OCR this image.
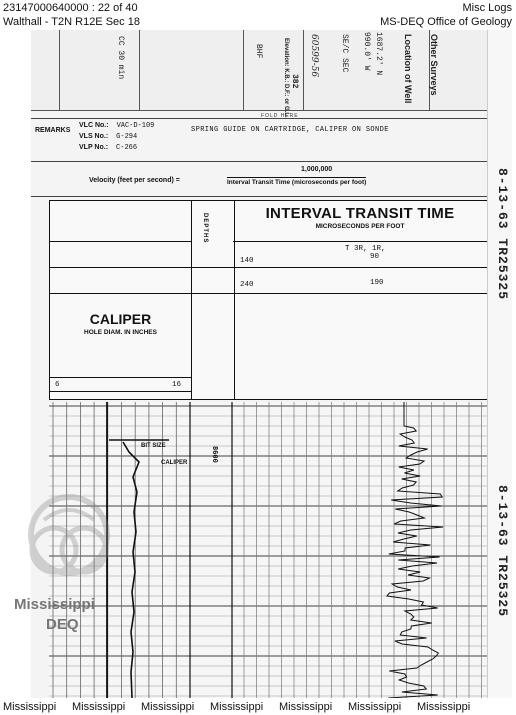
23147000640000 : 22 of 40
Walthall - T2N R12E Sec 18
Misc Logs
MS-DEQ Office of Geology
CC 30 min	BHF
382
Elevation: K.B.: D.F.: or G.L.: 60599-56	SE/C SEC 990.0' W 1687.2' N Location of Well Other Surveys
FOLD HERE
REMARKS
VLC No.: VAC-D-109
VLS No.: G-294
VLP No.: C-266
SPRING GUIDE ON CARTRIDGE, CALIPER ON SONDE
Velocity (feet per second) =
1,000,000
Interval Transit Time (microseconds per foot)
DEPTHS	INTERVAL TRANSIT TIME
MICROSECONDS PER FOOT
T 3R, 1R,
140	90
240	190
CALIPER
HOLE DIAM. IN INCHES
6	16
BIT SIZE
CALIPER
8600
8-13-63 TR25325
8-13-63 TR25325
Mississippi
DEQ
Mississippi Mississippi Mississippi Mississippi Mississippi Mississippi Mississippi
